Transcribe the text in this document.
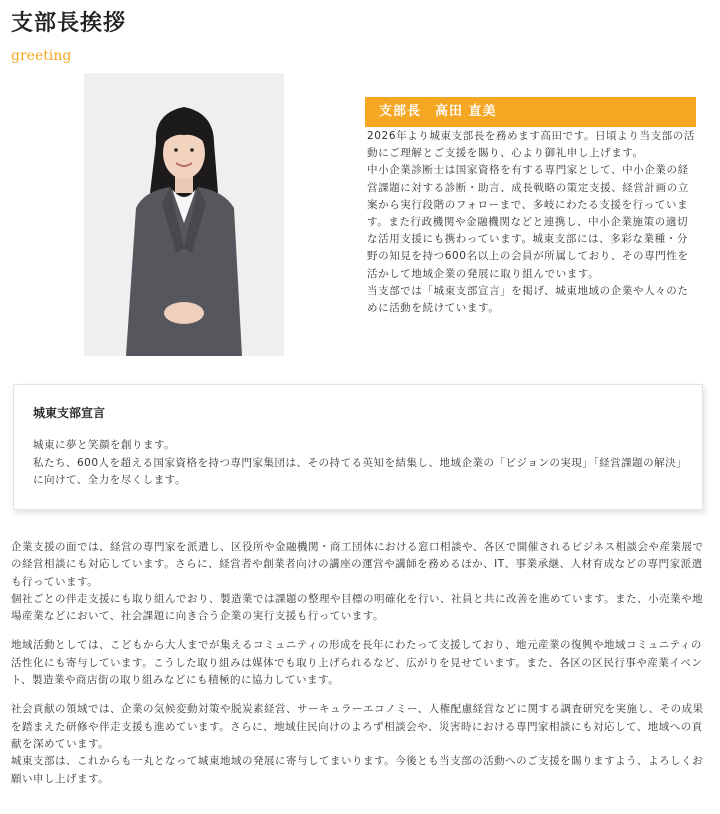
支部長挨拶
greeting
支部長　高田 直美

2026年より城東支部長を務めます高田です。日頃より当支部の活動にご理解とご支援を賜り、心より御礼申し上げます。

中小企業診断士は国家資格を有する専門家として、中小企業の経営課題に対する診断・助言、成長戦略の策定支援、経営計画の立案から実行段階のフォローまで、多岐にわたる支援を行っています。また行政機関や金融機関などと連携し、中小企業施策の適切な活用支援にも携わっています。城東支部には、多彩な業種・分野の知見を持つ600名以上の会員が所属しており、その専門性を活かして地域企業の発展に取り組んでいます。

当支部では「城東支部宣言」を掲げ、城東地域の企業や人々のために活動を続けています。

城東支部宣言

城東に夢と笑顔を創ります。

私たち、600人を超える国家資格を持つ専門家集団は、その持てる英知を結集し、地域企業の「ビジョンの実現」「経営課題の解決」に向けて、全力を尽くします。

企業支援の面では、経営の専門家を派遣し、区役所や金融機関・商工団体における窓口相談や、各区で開催されるビジネス相談会や産業展での経営相談にも対応しています。さらに、経営者や創業者向けの講座の運営や講師を務めるほか、IT、事業承継、人材育成などの専門家派遣も行っています。

個社ごとの伴走支援にも取り組んでおり、製造業では課題の整理や目標の明確化を行い、社員と共に改善を進めています。また、小売業や地場産業などにおいて、社会課題に向き合う企業の実行支援も行っています。

地域活動としては、こどもから大人までが集えるコミュニティの形成を長年にわたって支援しており、地元産業の復興や地域コミュニティの活性化にも寄与しています。こうした取り組みは媒体でも取り上げられるなど、広がりを見せています。また、各区の区民行事や産業イベント、製造業や商店街の取り組みなどにも積極的に協力しています。

社会貢献の領域では、企業の気候変動対策や脱炭素経営、サーキュラーエコノミー、人権配慮経営などに関する調査研究を実施し、その成果を踏まえた研修や伴走支援も進めています。さらに、地域住民向けのよろず相談会や、災害時における専門家相談にも対応して、地域への貢献を深めています。

城東支部は、これからも一丸となって城東地域の発展に寄与してまいります。今後とも当支部の活動へのご支援を賜りますよう、よろしくお願い申し上げます。
